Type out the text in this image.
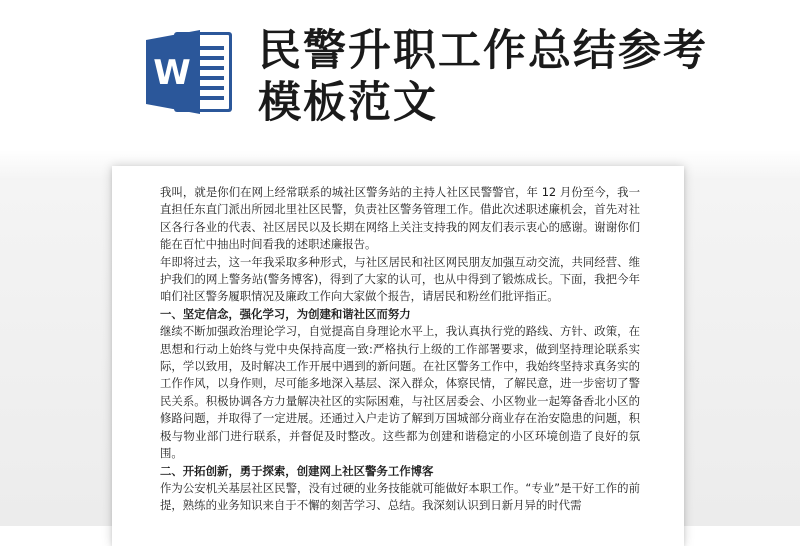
W 民警升职工作总结参考模板范文

我叫，就是你们在网上经常联系的城社区警务站的主持人社区民警警官，年 12 月份至今，我一直担任东直门派出所园北里社区民警，负责社区警务管理工作。借此次述职述廉机会，首先对社区各行各业的代表、社区居民以及长期在网络上关注支持我的网友们表示衷心的感谢。谢谢你们能在百忙中抽出时间看我的述职述廉报告。

年即将过去，这一年我采取多种形式，与社区居民和社区网民朋友加强互动交流，共同经营、维护我们的网上警务站(警务博客)，得到了大家的认可，也从中得到了锻炼成长。下面，我把今年咱们社区警务履职情况及廉政工作向大家做个报告，请居民和粉丝们批评指正。

一、坚定信念，强化学习，为创建和谐社区而努力

继续不断加强政治理论学习，自觉提高自身理论水平上，我认真执行党的路线、方针、政策，在思想和行动上始终与党中央保持高度一致:严格执行上级的工作部署要求，做到坚持理论联系实际，学以致用，及时解决工作开展中遇到的新问题。在社区警务工作中，我始终坚持求真务实的工作作风，以身作则，尽可能多地深入基层、深入群众，体察民情，了解民意，进一步密切了警民关系。积极协调各方力量解决社区的实际困难，与社区居委会、小区物业一起筹备香北小区的修路问题，并取得了一定进展。还通过入户走访了解到万国城部分商业存在治安隐患的问题，积极与物业部门进行联系，并督促及时整改。这些都为创建和谐稳定的小区环境创造了良好的氛围。

二、开拓创新，勇于探索，创建网上社区警务工作博客

作为公安机关基层社区民警，没有过硬的业务技能就可能做好本职工作。“专业”是干好工作的前提，熟练的业务知识来自于不懈的刻苦学习、总结。我深刻认识到日新月异的时代需
